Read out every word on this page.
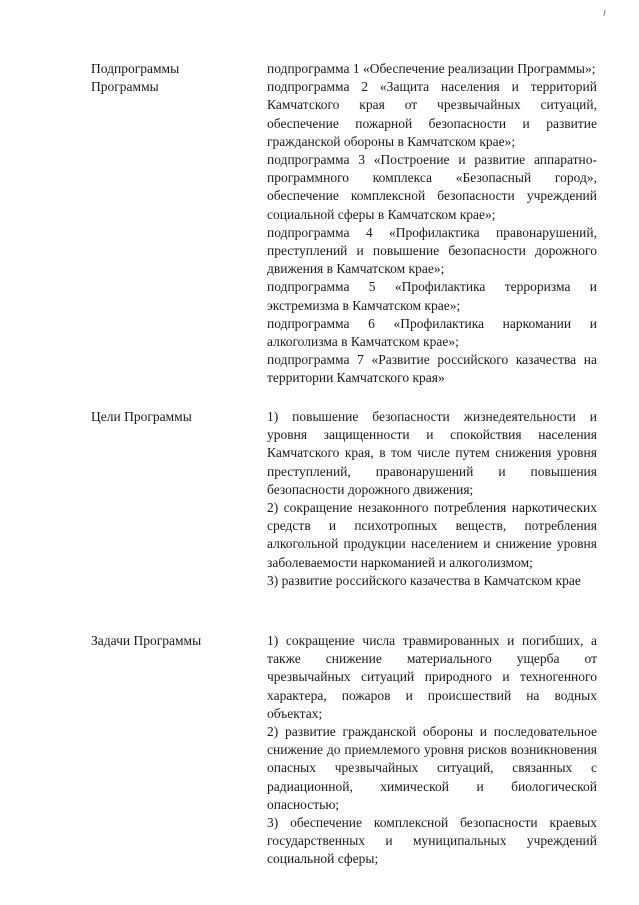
Подпрограммы
Программы

подпрограмма 1 «Обеспечение реализации Программы»;

подпрограмма 2 «Защита населения и территорий Камчатского края от чрезвычайных ситуаций, обеспечение пожарной безопасности и развитие гражданской обороны в Камчатском крае»;

подпрограмма 3 «Построение и развитие аппаратно-программного комплекса «Безопасный город», обеспечение комплексной безопасности учреждений социальной сферы в Камчатском крае»;

подпрограмма 4 «Профилактика правонарушений, преступлений и повышение безопасности дорожного движения в Камчатском крае»;

подпрограмма 5 «Профилактика терроризма и экстремизма в Камчатском крае»;

подпрограмма 6 «Профилактика наркомании и алкоголизма в Камчатском крае»;

подпрограмма 7 «Развитие российского казачества на территории Камчатского края»

Цели Программы	1) повышение безопасности жизнедеятельности и уровня защищенности и спокойствия населения Камчатского края, в том числе путем снижения уровня преступлений, правонарушений и повышения безопасности дорожного движения;

2) сокращение незаконного потребления наркотических средств и психотропных веществ, потребления алкогольной продукции населением и снижение уровня заболеваемости наркоманией и алкоголизмом;

3) развитие российского казачества в Камчатском крае

Задачи Программы	1) сокращение числа травмированных и погибших, а также снижение материального ущерба от чрезвычайных ситуаций природного и техногенного характера, пожаров и происшествий на водных объектах;

2) развитие гражданской обороны и последовательное снижение до приемлемого уровня рисков возникновения опасных чрезвычайных ситуаций, связанных с радиационной, химической и биологической опасностью;

3) обеспечение комплексной безопасности краевых государственных и муниципальных учреждений социальной сферы;
